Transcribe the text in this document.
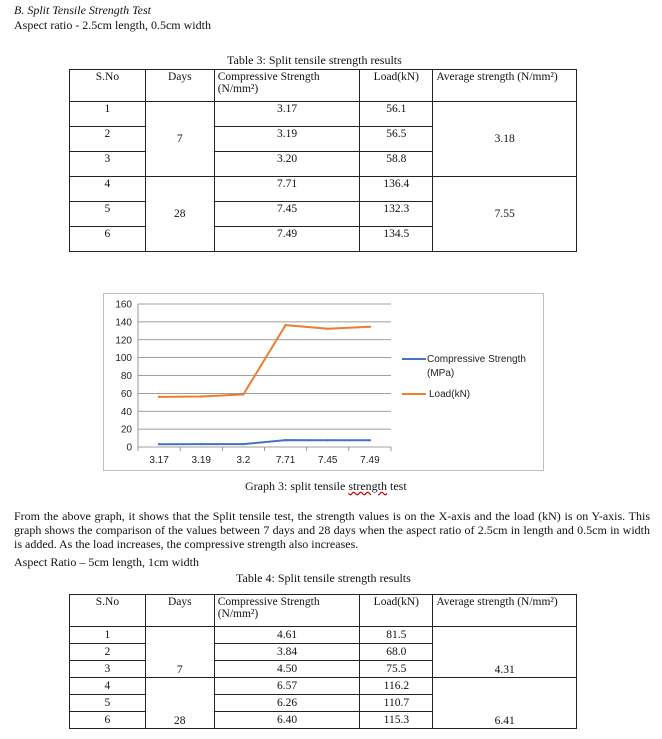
B. Split Tensile Strength Test
Aspect ratio - 2.5cm length, 0.5cm width
Table 3: Split tensile strength results
S.No	Days	Compressive Strength (N/mm²)	Load(kN)	Average strength (N/mm²)
1	7	3.17	56.1	3.18
2		3.19	56.5	
3		3.20	58.8	
4	28	7.71	136.4	7.55
5		7.45	132.3	
6		7.49	134.5	
0
20
40
60
80
100
120
140
160
3.17 3.19	3.2	7.71 7.45 7.49
Compressive Strength
(MPa)
Load(kN)
Graph 3: split tensile strength test
From the above graph, it shows that the Split tensile test, the strength values is on the X-axis and the load (kN) is on Y-axis. This graph shows the comparison of the values between 7 days and 28 days when the aspect ratio of 2.5cm in length and 0.5cm in width is added. As the load increases, the compressive strength also increases.
Aspect Ratio – 5cm length, 1cm width
Table 4: Split tensile strength results
S.No	Days	Compressive Strength (N/mm²)	Load(kN)	Average strength (N/mm²)
1	7	4.61	81.5	4.31
2		3.84	68.0	
3		4.50	75.5	
4	28	6.57	116.2	6.41
5		6.26	110.7	
6		6.40	115.3	
